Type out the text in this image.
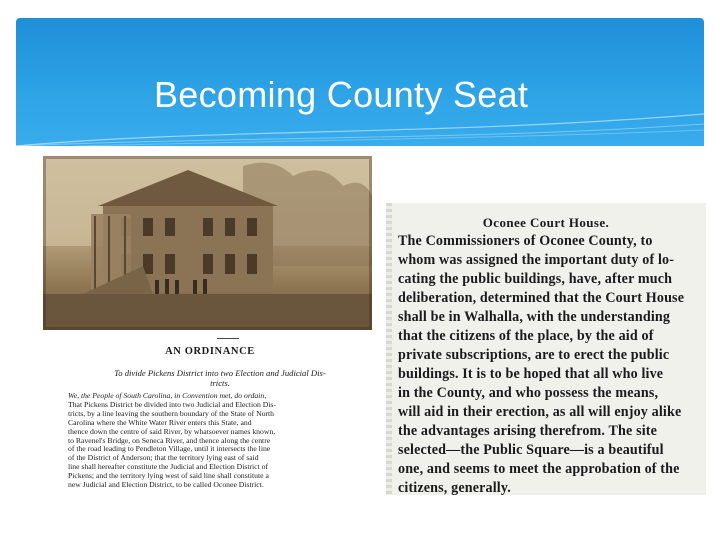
Becoming County Seat
AN ORDINANCE
To divide Pickens District into two Election and Judicial Dis-
tricts.
We, the People of South Carolina, in Convention met, do ordain,
That Pickens District be divided into two Judicial and Election Dis-
tricts, by a line leaving the southern boundary of the State of North
Carolina where the White Water River enters this State, and
thence down the centre of said River, by whatsoever names known,
to Ravenel's Bridge, on Seneca River, and thence along the centre
of the road leading to Pendleton Village, until it intersects the line
of the District of Anderson; that the territory lying east of said
line shall hereafter constitute the Judicial and Election District of
Pickens; and the territory lying west of said line shall constitute a
new Judicial and Election District, to be called Oconee District.
Oconee Court House.
The Commissioners of Oconee County, to
whom was assigned the important duty of lo-
cating the public buildings, have, after much
deliberation, determined that the Court House
shall be in Walhalla, with the understanding
that the citizens of the place, by the aid of
private subscriptions, are to erect the public
buildings. It is to be hoped that all who live
in the County, and who possess the means,
will aid in their erection, as all will enjoy alike
the advantages arising therefrom. The site
selected—the Public Square—is a beautiful
one, and seems to meet the approbation of the
citizens, generally.
